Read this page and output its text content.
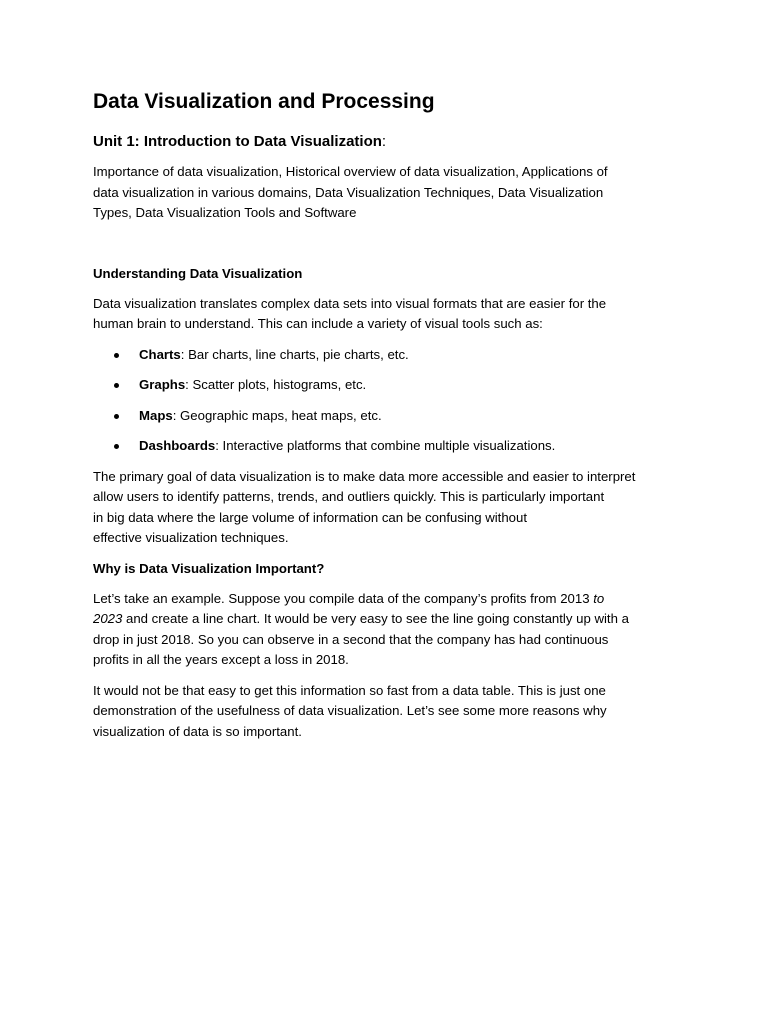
Data Visualization and Processing
Unit 1: Introduction to Data Visualization:

Importance of data visualization, Historical overview of data visualization, Applications of
data visualization in various domains, Data Visualization Techniques, Data Visualization
Types, Data Visualization Tools and Software

Understanding Data Visualization

Data visualization translates complex data sets into visual formats that are easier for the
human brain to understand. This can include a variety of visual tools such as:

Charts: Bar charts, line charts, pie charts, etc.
Graphs: Scatter plots, histograms, etc.
Maps: Geographic maps, heat maps, etc.
Dashboards: Interactive platforms that combine multiple visualizations.

The primary goal of data visualization is to make data more accessible and easier to interpret
allow users to identify patterns, trends, and outliers quickly. This is particularly important
in big data where the large volume of information can be confusing without
effective visualization techniques.

Why is Data Visualization Important?

Let’s take an example. Suppose you compile data of the company’s profits from 2013 to
2023 and create a line chart. It would be very easy to see the line going constantly up with a
drop in just 2018. So you can observe in a second that the company has had continuous
profits in all the years except a loss in 2018.

It would not be that easy to get this information so fast from a data table. This is just one
demonstration of the usefulness of data visualization. Let’s see some more reasons why
visualization of data is so important.
